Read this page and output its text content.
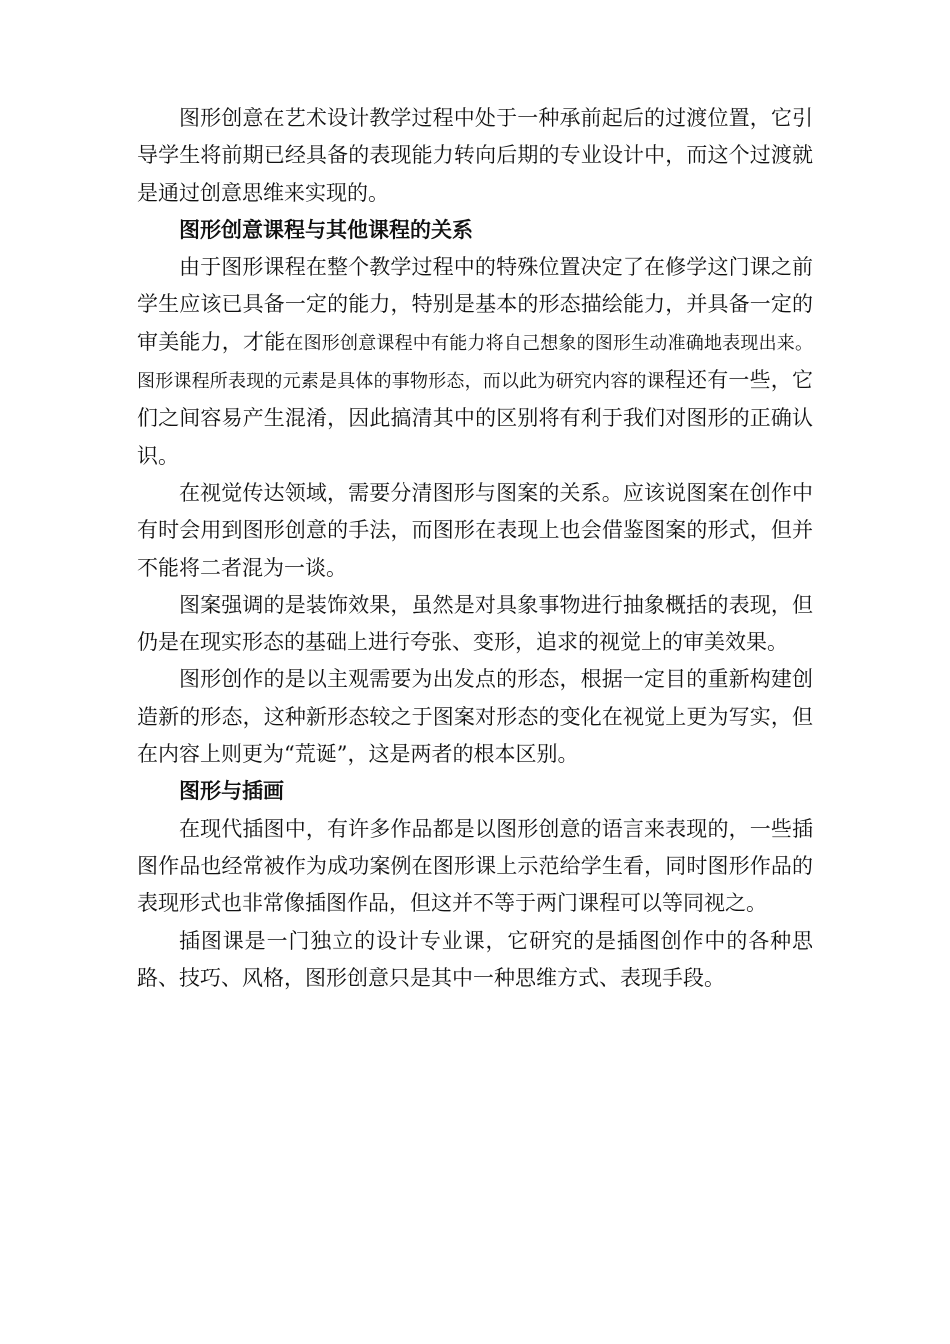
图形创意在艺术设计教学过程中处于一种承前起后的过渡位置，它引导学生将前期已经具备的表现能力转向后期的专业设计中，而这个过渡就是通过创意思维来实现的。

图形创意课程与其他课程的关系

由于图形课程在整个教学过程中的特殊位置决定了在修学这门课之前学生应该已具备一定的能力，特别是基本的形态描绘能力，并具备一定的审美能力，才能在图形创意课程中有能力将自己想象的图形生动准确地表现出来。图形课程所表现的元素是具体的事物形态，而以此为研究内容的课程还有一些，它们之间容易产生混淆，因此搞清其中的区别将有利于我们对图形的正确认识。

在视觉传达领域，需要分清图形与图案的关系。应该说图案在创作中有时会用到图形创意的手法，而图形在表现上也会借鉴图案的形式，但并不能将二者混为一谈。

图案强调的是装饰效果，虽然是对具象事物进行抽象概括的表现，但仍是在现实形态的基础上进行夸张、变形，追求的视觉上的审美效果。

图形创作的是以主观需要为出发点的形态，根据一定目的重新构建创造新的形态，这种新形态较之于图案对形态的变化在视觉上更为写实，但在内容上则更为“荒诞”，这是两者的根本区别。

图形与插画

在现代插图中，有许多作品都是以图形创意的语言来表现的，一些插图作品也经常被作为成功案例在图形课上示范给学生看，同时图形作品的表现形式也非常像插图作品，但这并不等于两门课程可以等同视之。

插图课是一门独立的设计专业课，它研究的是插图创作中的各种思路、技巧、风格，图形创意只是其中一种思维方式、表现手段。
